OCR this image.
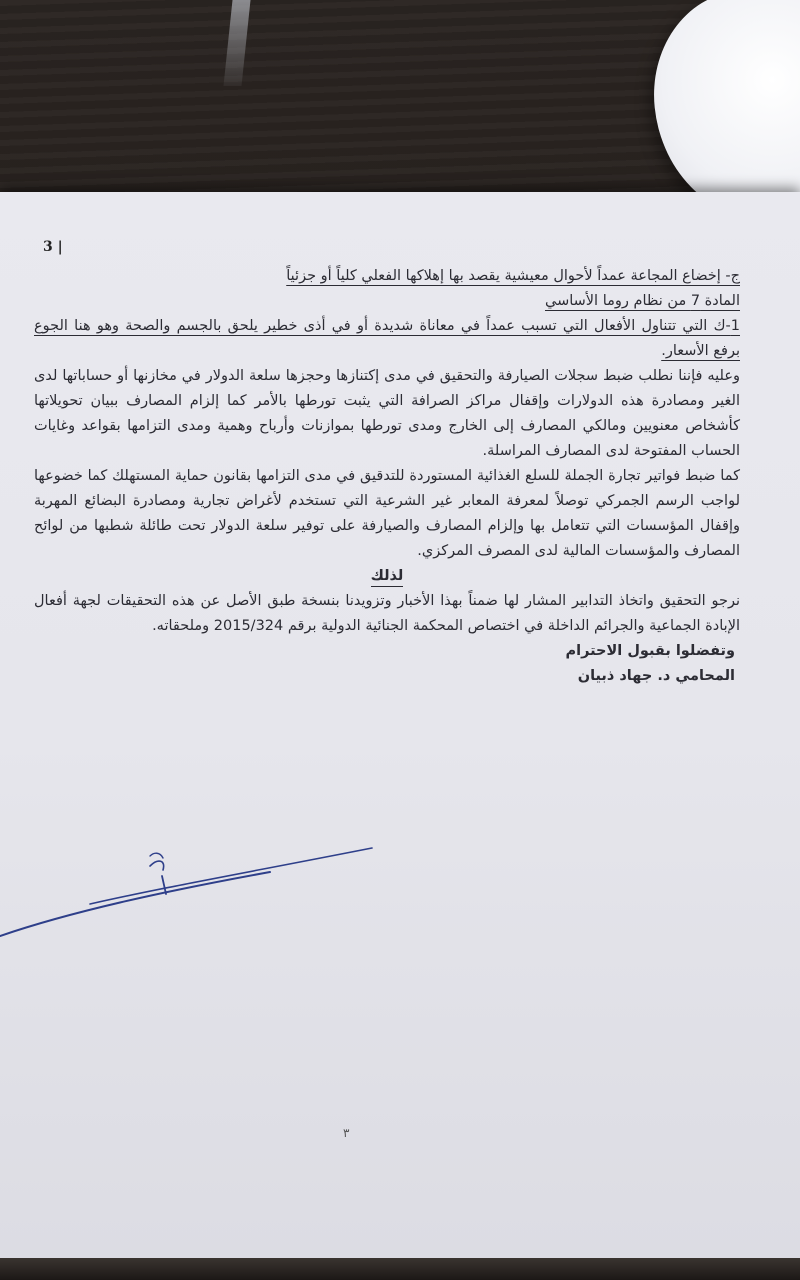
3 |

ج- إخضاع المجاعة عمداً لأحوال معيشية يقصد بها إهلاكها الفعلي كلياً أو جزئياً

المادة 7 من نظام روما الأساسي

1-ك التي تتناول الأفعال التي تسبب عمداً في معاناة شديدة أو في أذى خطير يلحق بالجسم والصحة وهو هنا الجوع برفع الأسعار.

وعليه فإننا نطلب ضبط سجلات الصيارفة والتحقيق في مدى إكتنازها وحجزها سلعة الدولار في مخازنها أو حساباتها لدى الغير ومصادرة هذه الدولارات وإقفال مراكز الصرافة التي يثبت تورطها بالأمر كما إلزام المصارف ببيان تحويلاتها كأشخاص معنويين ومالكي المصارف إلى الخارج ومدى تورطها بموازنات وأرباح وهمية ومدى التزامها بقواعد وغايات الحساب المفتوحة لدى المصارف المراسلة.

كما ضبط فواتير تجارة الجملة للسلع الغذائية المستوردة للتدقيق في مدى التزامها بقانون حماية المستهلك كما خضوعها لواجب الرسم الجمركي توصلاً لمعرفة المعابر غير الشرعية التي تستخدم لأغراض تجارية ومصادرة البضائع المهربة وإقفال المؤسسات التي تتعامل بها وإلزام المصارف والصيارفة على توفير سلعة الدولار تحت طائلة شطبها من لوائح المصارف والمؤسسات المالية لدى المصرف المركزي.

لذلك

نرجو التحقيق واتخاذ التدابير المشار لها ضمناً بهذا الأخبار وتزويدنا بنسخة طبق الأصل عن هذه التحقيقات لجهة أفعال الإبادة الجماعية والجرائم الداخلة في اختصاص المحكمة الجنائية الدولية برقم 2015/324 وملحقاته.

وتفضلوا بقبول الاحترام

المحامي د. جهاد ذبيان

٣
